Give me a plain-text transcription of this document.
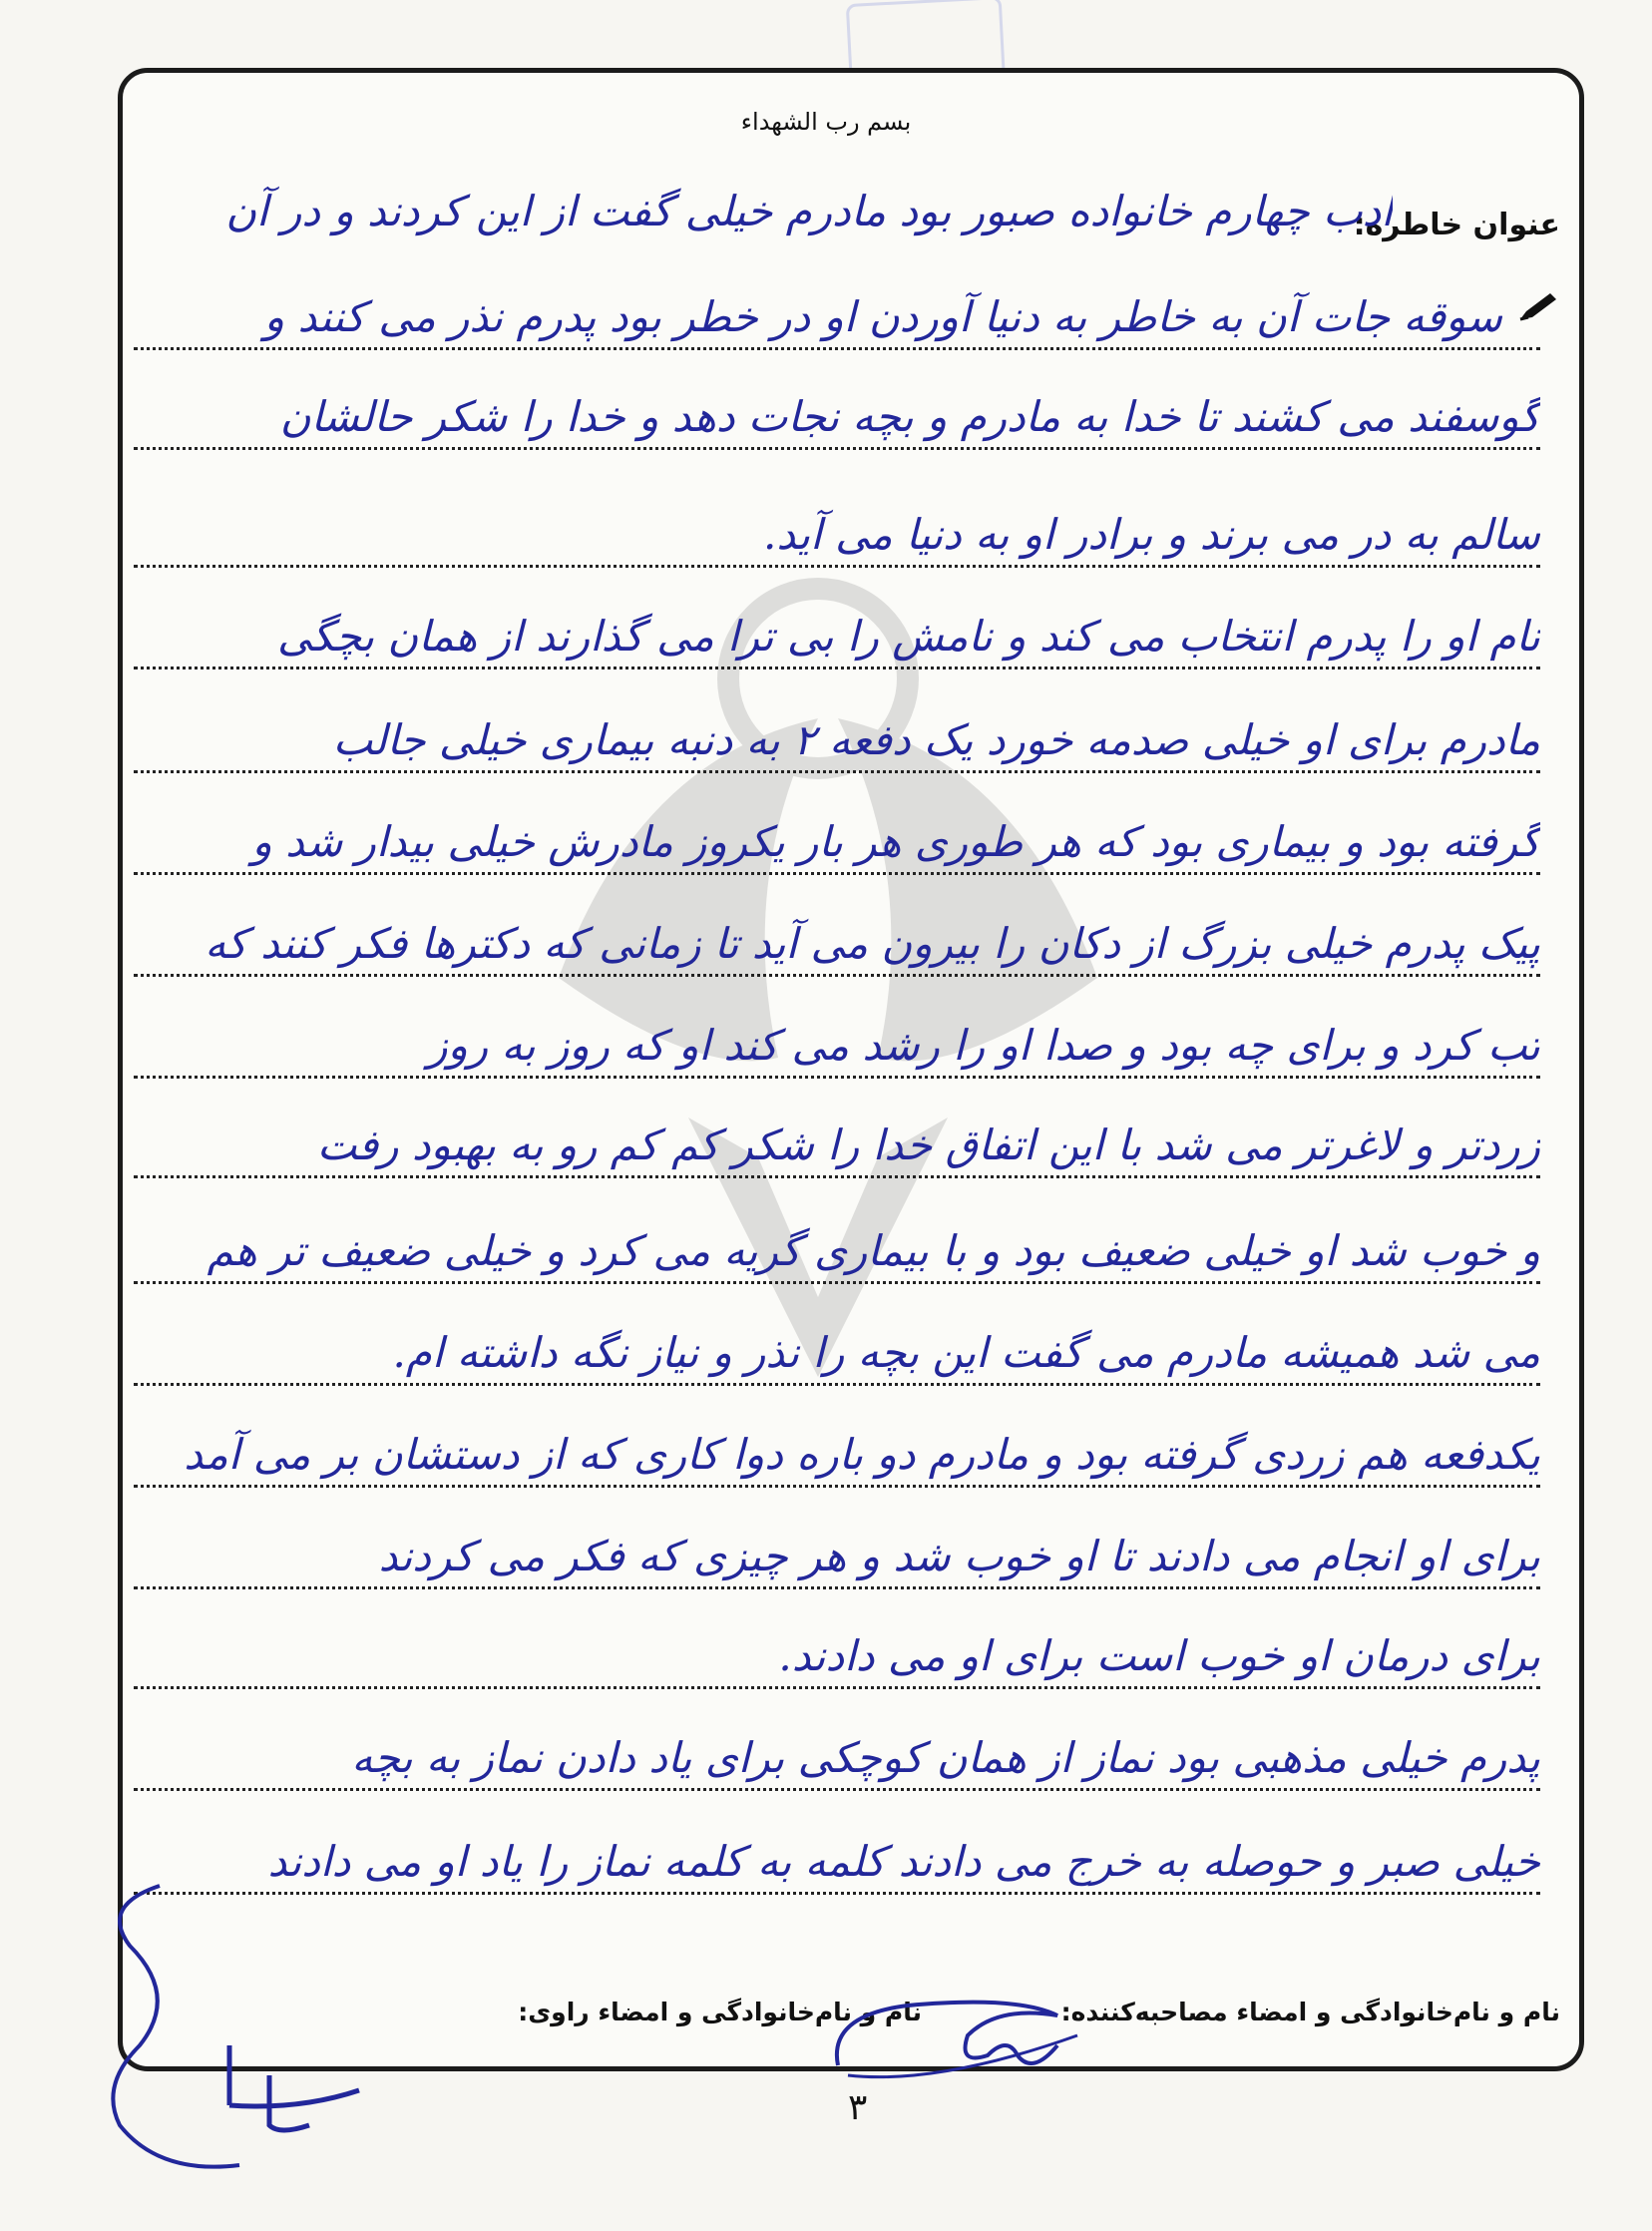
بسم رب الشهداء
عنوان خاطره:
ادب چهارم خانواده صبور بود مادرم خیلی گفت از این کردند و در آن
سوقه جات آن به خاطر به دنیا آوردن او در خطر بود پدرم نذر می کنند و
گوسفند می کشند تا خدا به مادرم و بچه نجات دهد و خدا را شکر حالشان
سالم به در می برند و برادر او به دنیا می آید.
نام او را پدرم انتخاب می کند و نامش را بی ترا می گذارند از همان بچگی
مادرم برای او خیلی صدمه خورد یک دفعه ۲ به دنبه بیماری خیلی جالب
گرفته بود و بیماری بود که هر طوری هر بار یکروز مادرش خیلی بیدار شد و
پیک پدرم خیلی بزرگ از دکان را بیرون می آید تا زمانی که دکترها فکر کنند که
تب کرد و برای چه بود و صدا او را رشد می کند او که روز به روز
زردتر و لاغرتر می شد با این اتفاق خدا را شکر کم کم رو به بهبود رفت
و خوب شد او خیلی ضعیف بود و با بیماری گریه می کرد و خیلی ضعیف تر هم
می شد همیشه مادرم می گفت این بچه را نذر و نیاز نگه داشته ام.
یکدفعه هم زردی گرفته بود و مادرم دو باره دوا کاری که از دستشان بر می آمد
برای او انجام می دادند تا او خوب شد و هر چیزی که فکر می کردند
برای درمان او خوب است برای او می دادند.
پدرم خیلی مذهبی بود نماز از همان کوچکی برای یاد دادن نماز به بچه
خیلی صبر و حوصله به خرج می دادند کلمه به کلمه نماز را یاد او می دادند
نام و نام‌خانوادگی و امضاء مصاحبه‌کننده:
نام و نام‌خانوادگی و امضاء راوی:
۳
